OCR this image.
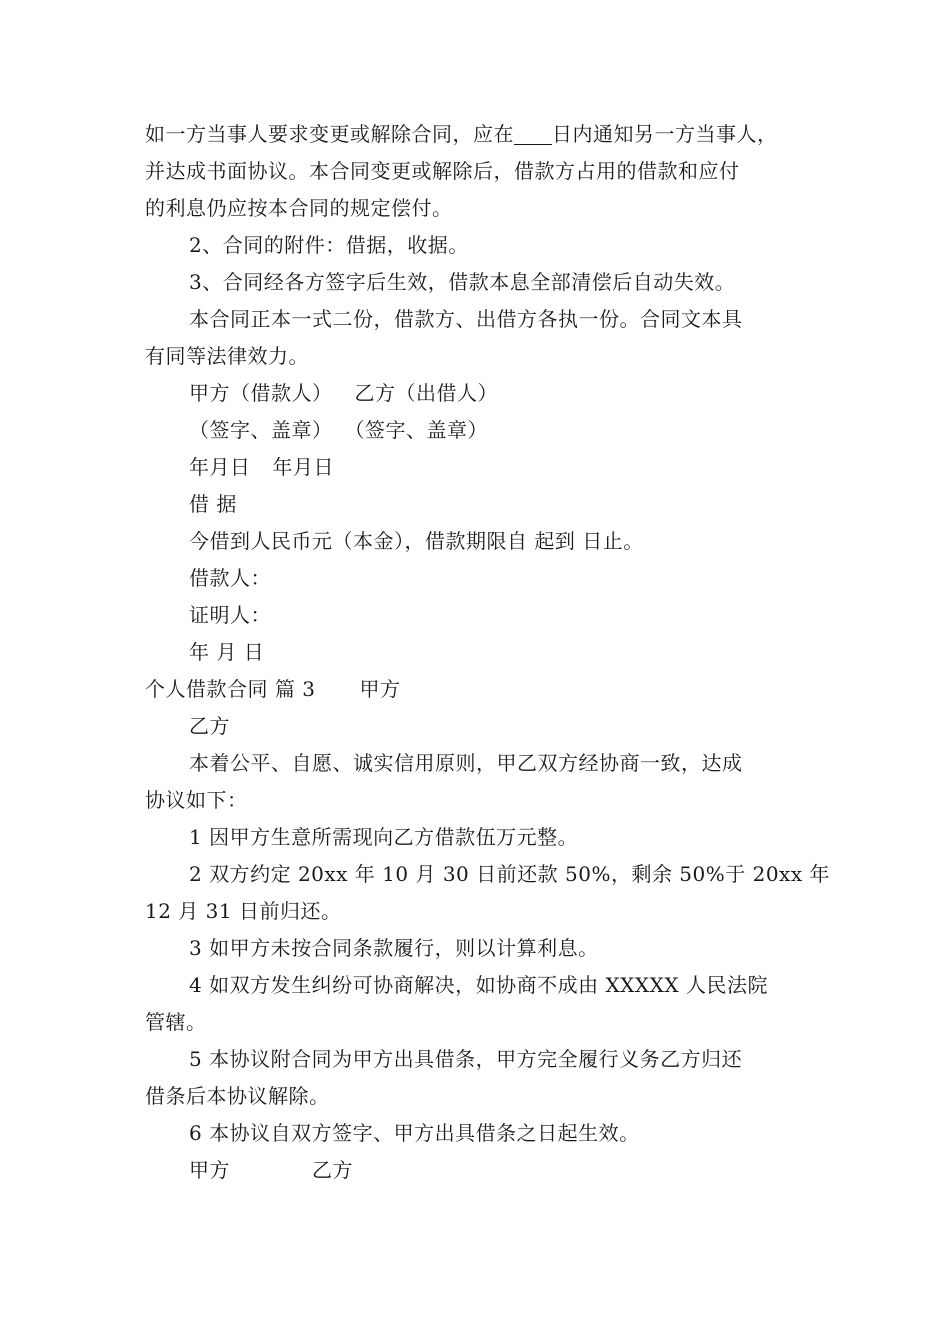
如一方当事人要求变更或解除合同，应在 日内通知另一方当事人，

并达成书面协议。本合同变更或解除后，借款方占用的借款和应付

的利息仍应按本合同的规定偿付。

2、合同的附件：借据，收据。

3、合同经各方签字后生效，借款本息全部清偿后自动失效。

本合同正本一式二份，借款方、出借方各执一份。合同文本具

有同等法律效力。

甲方（借款人） 乙方（出借人）

（签字、盖章） （签字、盖章）

年月日 年月日

借 据

今借到人民币元（本金），借款期限自 起到 日止。

借款人：

证明人：

年 月 日

个人借款合同 篇 3 甲方

乙方

本着公平、自愿、诚实信用原则，甲乙双方经协商一致，达成

协议如下：

1 因甲方生意所需现向乙方借款伍万元整。

2 双方约定 20xx 年 10 月 30 日前还款 50%，剩余 50%于 20xx 年

12 月 31 日前归还。

3 如甲方未按合同条款履行，则以计算利息。

4 如双方发生纠纷可协商解决，如协商不成由 XXXXX 人民法院

管辖。

5 本协议附合同为甲方出具借条，甲方完全履行义务乙方归还

借条后本协议解除。

6 本协议自双方签字、甲方出具借条之日起生效。

甲方	乙方
